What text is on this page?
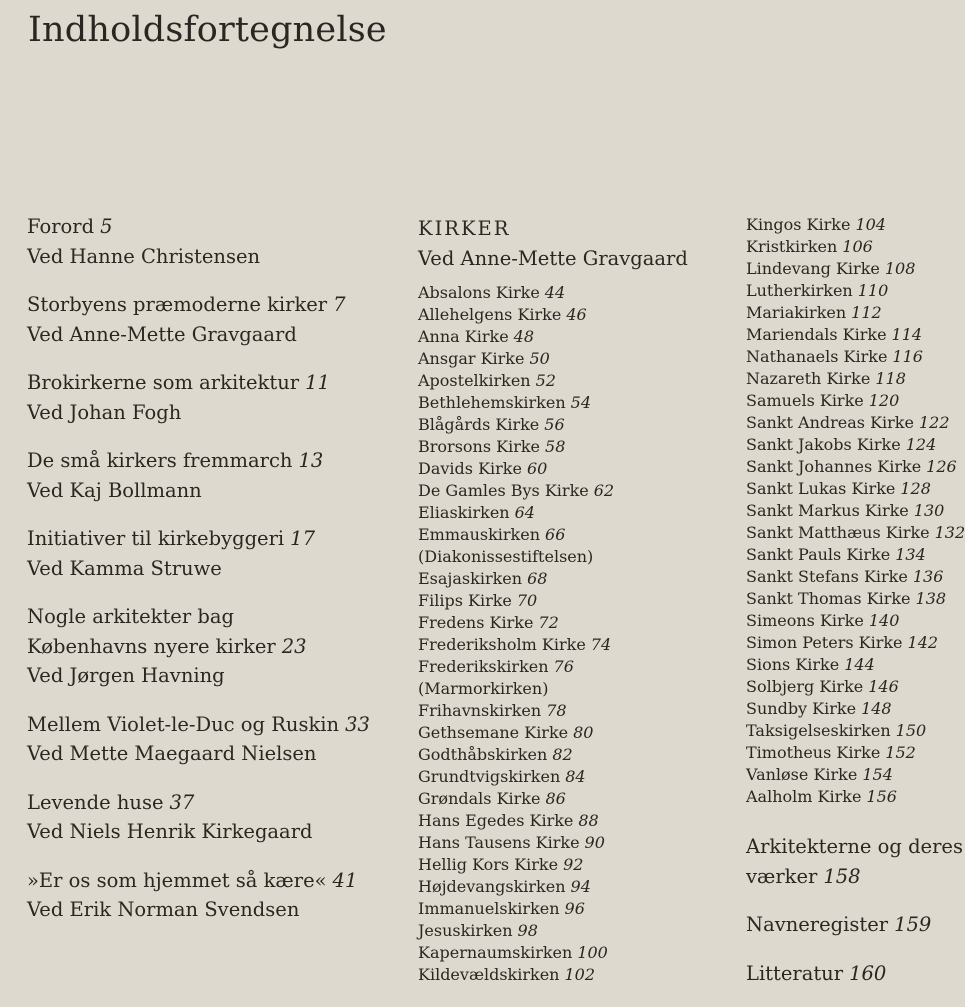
Indholdsfortegnelse
Forord 5
Ved Hanne Christensen
Storbyens præmoderne kirker 7
Ved Anne-Mette Gravgaard
Brokirkerne som arkitektur 11
Ved Johan Fogh
De små kirkers fremmarch 13
Ved Kaj Bollmann
Initiativer til kirkebyggeri 17
Ved Kamma Struwe
Nogle arkitekter bag
Københavns nyere kirker 23
Ved Jørgen Havning
Mellem Violet-le-Duc og Ruskin 33
Ved Mette Maegaard Nielsen
Levende huse 37
Ved Niels Henrik Kirkegaard
»Er os som hjemmet så kære« 41
Ved Erik Norman Svendsen
KIRKER
Ved Anne-Mette Gravgaard
Absalons Kirke 44
Allehelgens Kirke 46
Anna Kirke 48
Ansgar Kirke 50
Apostelkirken 52
Bethlehemskirken 54
Blågårds Kirke 56
Brorsons Kirke 58
Davids Kirke 60
De Gamles Bys Kirke 62
Eliaskirken 64
Emmauskirken 66
(Diakonissestiftelsen)
Esajaskirken 68
Filips Kirke 70
Fredens Kirke 72
Frederiksholm Kirke 74
Frederikskirken 76
(Marmorkirken)
Frihavnskirken 78
Gethsemane Kirke 80
Godthåbskirken 82
Grundtvigskirken 84
Grøndals Kirke 86
Hans Egedes Kirke 88
Hans Tausens Kirke 90
Hellig Kors Kirke 92
Højdevangskirken 94
Immanuelskirken 96
Jesuskirken 98
Kapernaumskirken 100
Kildevældskirken 102
Kingos Kirke 104
Kristkirken 106
Lindevang Kirke 108
Lutherkirken 110
Mariakirken 112
Mariendals Kirke 114
Nathanaels Kirke 116
Nazareth Kirke 118
Samuels Kirke 120
Sankt Andreas Kirke 122
Sankt Jakobs Kirke 124
Sankt Johannes Kirke 126
Sankt Lukas Kirke 128
Sankt Markus Kirke 130
Sankt Matthæus Kirke 132
Sankt Pauls Kirke 134
Sankt Stefans Kirke 136
Sankt Thomas Kirke 138
Simeons Kirke 140
Simon Peters Kirke 142
Sions Kirke 144
Solbjerg Kirke 146
Sundby Kirke 148
Taksigelseskirken 150
Timotheus Kirke 152
Vanløse Kirke 154
Aalholm Kirke 156
Arkitekterne og deres
værker 158
Navneregister 159
Litteratur 160
